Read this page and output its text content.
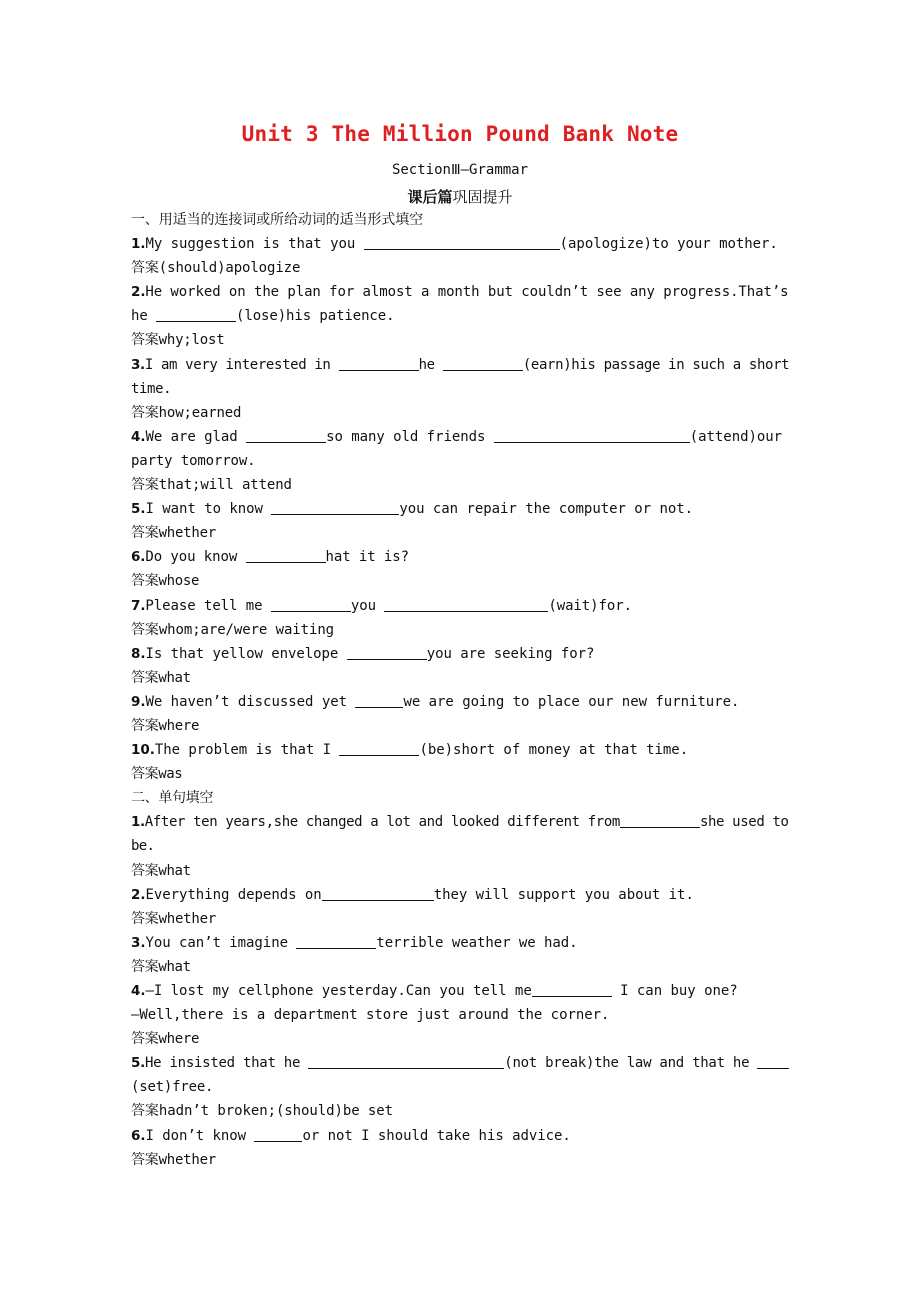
Unit 3 The Million Pound Bank Note
SectionⅢ—Grammar
课后篇巩固提升
一、用适当的连接词或所给动词的适当形式填空
1.My suggestion is that you	(apologize)to your mother.
答案(should)apologize
2.He worked on the plan for almost a month but couldn’t see any progress.That’s
he	(lose)his patience.
答案why;lost
3.I am very interested in	he	(earn)his passage in such a short
time.
答案how;earned
4.We are glad	so many old friends	(attend)our
party tomorrow.
答案that;will attend
5.I want to know	you can repair the computer or not.
答案whether
6.Do you know	hat it is?
答案whose
7.Please tell me	you	(wait)for.
答案whom;are/were waiting
8.Is that yellow envelope	you are seeking for?
答案what
9.We haven’t discussed yet	we are going to place our new furniture.
答案where
10.The problem is that I	(be)short of money at that time.
答案was
二、单句填空
1.After ten years,she changed a lot and looked different from	she used to
be.
答案what
2.Everything depends on	they will support you about it.
答案whether
3.You can’t imagine	terrible weather we had.
答案what
4.—I lost my cellphone yesterday.Can you tell me	I can buy one?
—Well,there is a department store just around the corner.
答案where
5.He insisted that he	(not break)the law and that he
(set)free.
答案hadn’t broken;(should)be set
6.I don’t know	or not I should take his advice.
答案whether
